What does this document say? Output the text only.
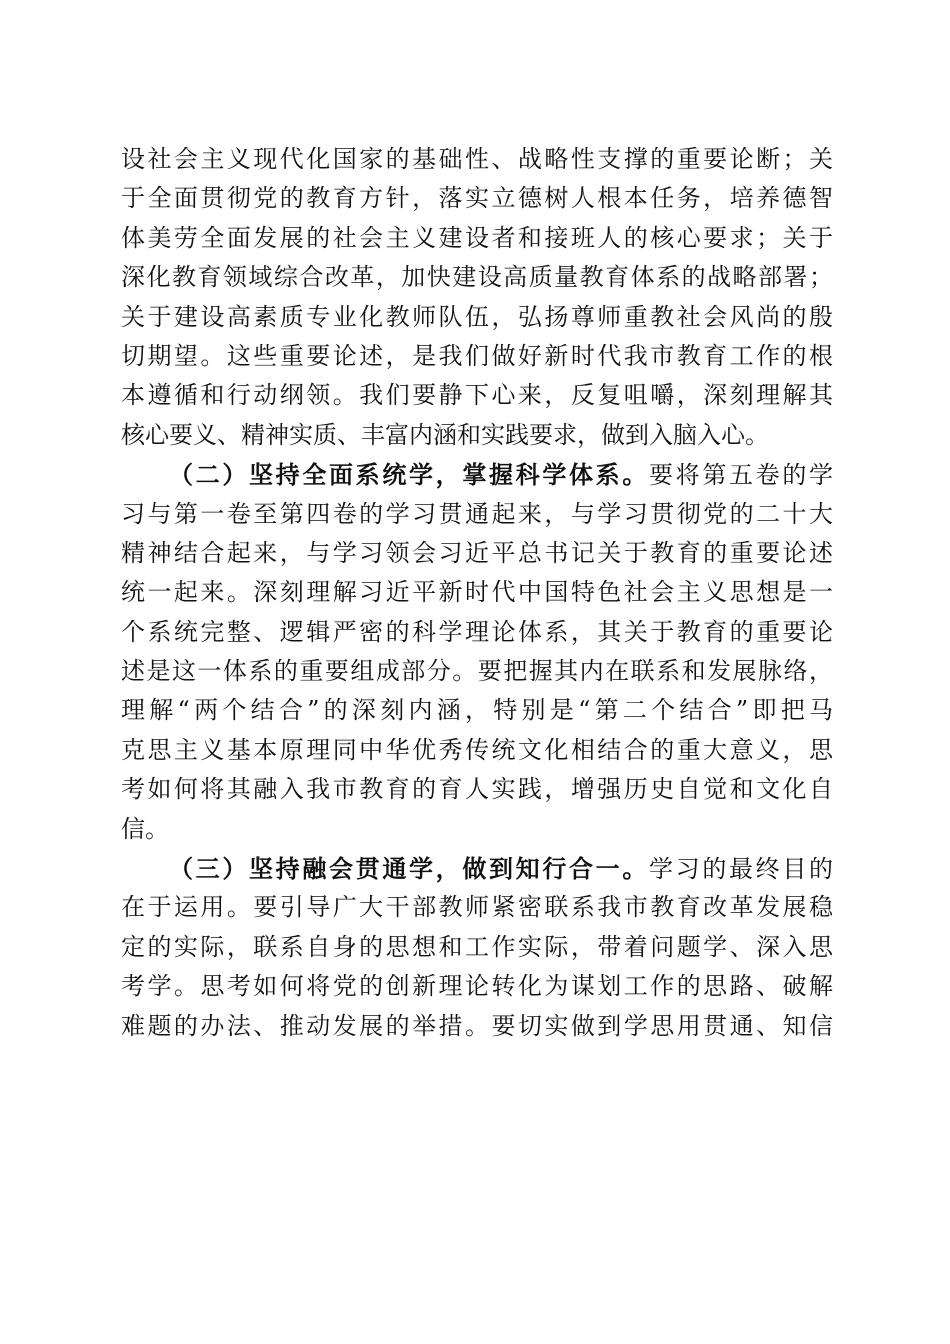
设社会主义现代化国家的基础性、战略性支撑的重要论断；关
于全面贯彻党的教育方针，落实立德树人根本任务，培养德智
体美劳全面发展的社会主义建设者和接班人的核心要求；关于
深化教育领域综合改革，加快建设高质量教育体系的战略部署；
关于建设高素质专业化教师队伍，弘扬尊师重教社会风尚的殷
切期望。这些重要论述，是我们做好新时代我市教育工作的根
本遵循和行动纲领。我们要静下心来，反复咀嚼，深刻理解其
核心要义、精神实质、丰富内涵和实践要求，做到入脑入心。
（二）坚持全面系统学，掌握科学体系。要将第五卷的学
习与第一卷至第四卷的学习贯通起来，与学习贯彻党的二十大
精神结合起来，与学习领会习近平总书记关于教育的重要论述
统一起来。深刻理解习近平新时代中国特色社会主义思想是一
个系统完整、逻辑严密的科学理论体系，其关于教育的重要论
述是这一体系的重要组成部分。要把握其内在联系和发展脉络，
理解“两个结合”的深刻内涵，特别是“第二个结合”即把马
克思主义基本原理同中华优秀传统文化相结合的重大意义，思
考如何将其融入我市教育的育人实践，增强历史自觉和文化自
信。
（三）坚持融会贯通学，做到知行合一。学习的最终目的
在于运用。要引导广大干部教师紧密联系我市教育改革发展稳
定的实际，联系自身的思想和工作实际，带着问题学、深入思
考学。思考如何将党的创新理论转化为谋划工作的思路、破解
难题的办法、推动发展的举措。要切实做到学思用贯通、知信
